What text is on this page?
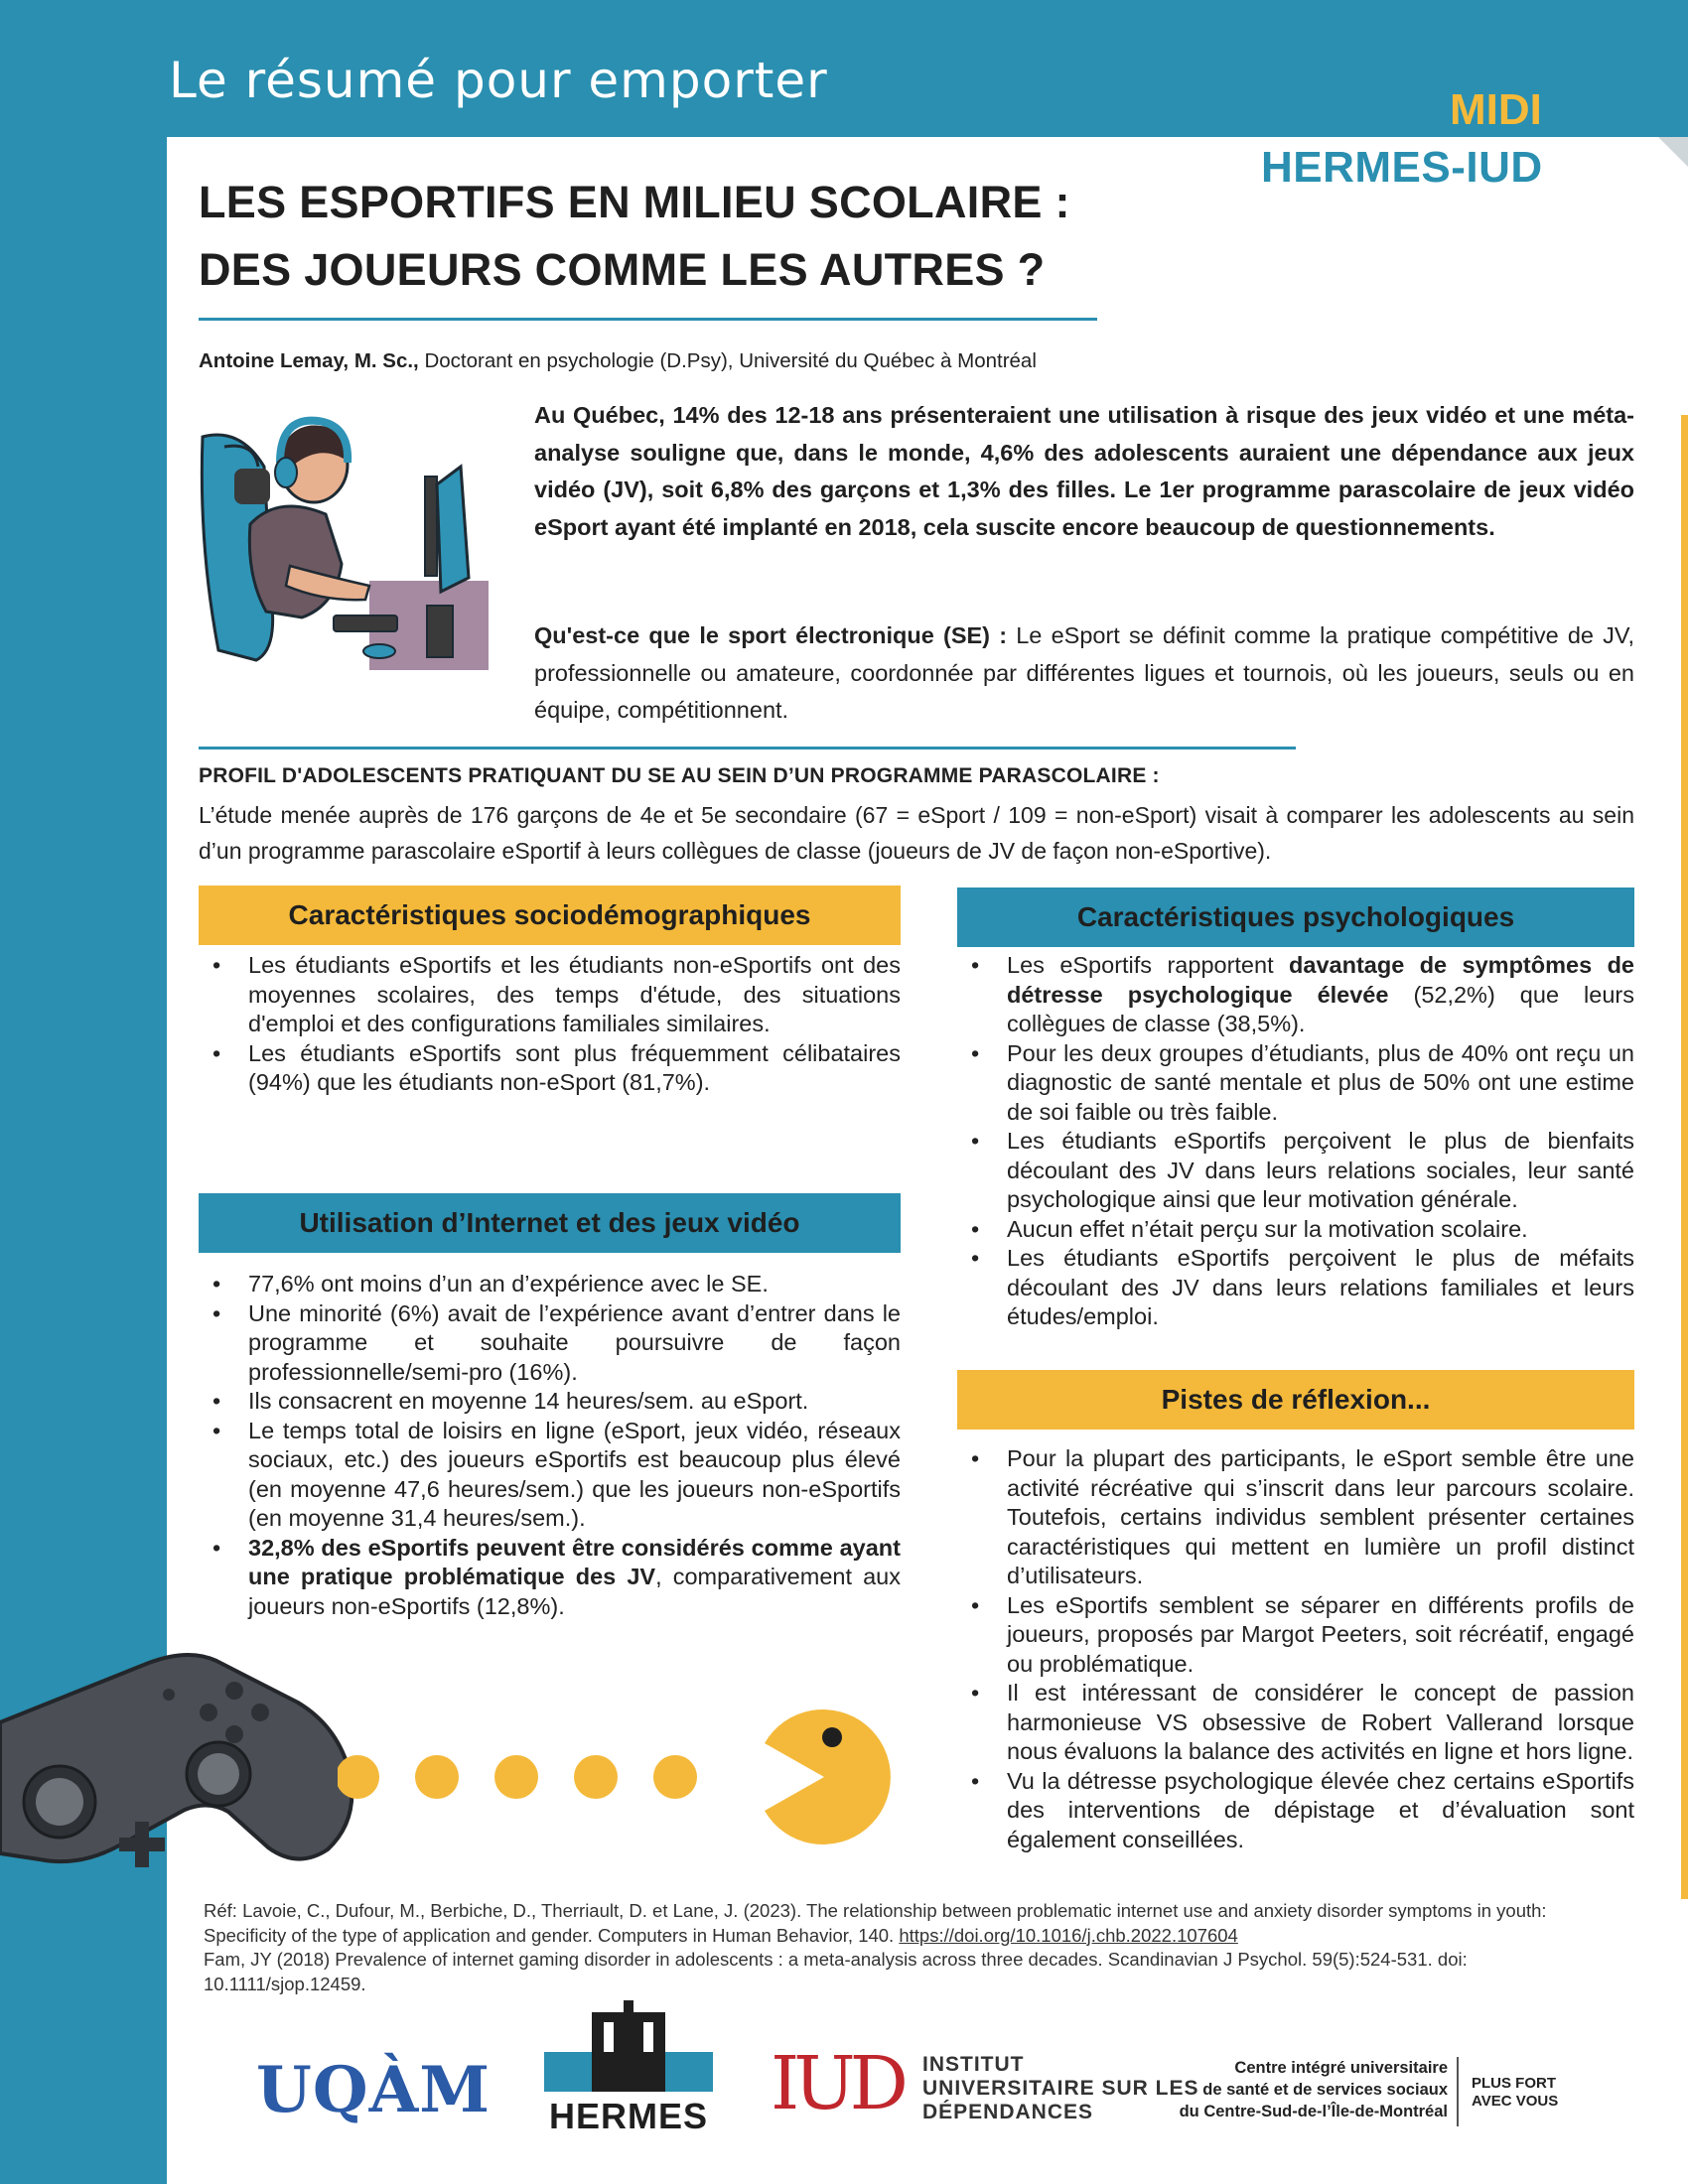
Le résumé pour emporter
MIDI
HERMES-IUD
LES ESPORTIFS EN MILIEU SCOLAIRE :
DES JOUEURS COMME LES AUTRES ?
Antoine Lemay, M. Sc., Doctorant en psychologie (D.Psy), Université du Québec à Montréal
Au Québec, 14% des 12-18 ans présenteraient une utilisation à risque des jeux vidéo et une méta-analyse souligne que, dans le monde, 4,6% des adolescents auraient une dépendance aux jeux vidéo (JV), soit 6,8% des garçons et 1,3% des filles. Le 1er programme parascolaire de jeux vidéo eSport ayant été implanté en 2018, cela suscite encore beaucoup de questionnements.
Qu'est-ce que le sport électronique (SE) : Le eSport se définit comme la pratique compétitive de JV, professionnelle ou amateure, coordonnée par différentes ligues et tournois, où les joueurs, seuls ou en équipe, compétitionnent.
PROFIL D'ADOLESCENTS PRATIQUANT DU SE AU SEIN D’UN PROGRAMME PARASCOLAIRE :
L’étude menée auprès de 176 garçons de 4e et 5e secondaire (67 = eSport / 109 = non-eSport) visait à comparer les adolescents au sein d’un programme parascolaire eSportif à leurs collègues de classe (joueurs de JV de façon non-eSportive).
Caractéristiques sociodémographiques
• Les étudiants eSportifs et les étudiants non-eSportifs ont des moyennes scolaires, des temps d'étude, des situations d'emploi et des configurations familiales similaires.
• Les étudiants eSportifs sont plus fréquemment célibataires (94%) que les étudiants non-eSport (81,7%).
Utilisation d’Internet et des jeux vidéo
• 77,6% ont moins d’un an d’expérience avec le SE.
• Une minorité (6%) avait de l’expérience avant d’entrer dans le programme et souhaite poursuivre de façon professionnelle/semi-pro (16%).
• Ils consacrent en moyenne 14 heures/sem. au eSport.
• Le temps total de loisirs en ligne (eSport, jeux vidéo, réseaux sociaux, etc.) des joueurs eSportifs est beaucoup plus élevé (en moyenne 47,6 heures/sem.) que les joueurs non-eSportifs (en moyenne 31,4 heures/sem.).
• 32,8% des eSportifs peuvent être considérés comme ayant une pratique problématique des JV, comparativement aux joueurs non-eSportifs (12,8%).
Caractéristiques psychologiques
• Les eSportifs rapportent davantage de symptômes de détresse psychologique élevée (52,2%) que leurs collègues de classe (38,5%).
• Pour les deux groupes d’étudiants, plus de 40% ont reçu un diagnostic de santé mentale et plus de 50% ont une estime de soi faible ou très faible.
• Les étudiants eSportifs perçoivent le plus de bienfaits découlant des JV dans leurs relations sociales, leur santé psychologique ainsi que leur motivation générale.
• Aucun effet n’était perçu sur la motivation scolaire.
• Les étudiants eSportifs perçoivent le plus de méfaits découlant des JV dans leurs relations familiales et leurs études/emploi.
Pistes de réflexion...
• Pour la plupart des participants, le eSport semble être une activité récréative qui s’inscrit dans leur parcours scolaire. Toutefois, certains individus semblent présenter certaines caractéristiques qui mettent en lumière un profil distinct d’utilisateurs.
• Les eSportifs semblent se séparer en différents profils de joueurs, proposés par Margot Peeters, soit récréatif, engagé ou problématique.
• Il est intéressant de considérer le concept de passion harmonieuse VS obsessive de Robert Vallerand lorsque nous évaluons la balance des activités en ligne et hors ligne.
• Vu la détresse psychologique élevée chez certains eSportifs des interventions de dépistage et d’évaluation sont également conseillées.
Réf: Lavoie, C., Dufour, M., Berbiche, D., Therriault, D. et Lane, J. (2023). The relationship between problematic internet use and anxiety disorder symptoms in youth: Specificity of the type of application and gender. Computers in Human Behavior, 140. https://doi.org/10.1016/j.chb.2022.107604
Fam, JY (2018) Prevalence of internet gaming disorder in adolescents : a meta-analysis across three decades. Scandinavian J Psychol. 59(5):524-531. doi: 10.1111/sjop.12459.
UQÀM HERMES IUD INSTITUT
UNIVERSITAIRE SUR LES
DÉPENDANCES
Centre intégré universitaire
de santé et de services sociaux
du Centre-Sud-de-l’Île-de-Montréal
PLUS FORT
AVEC VOUS
